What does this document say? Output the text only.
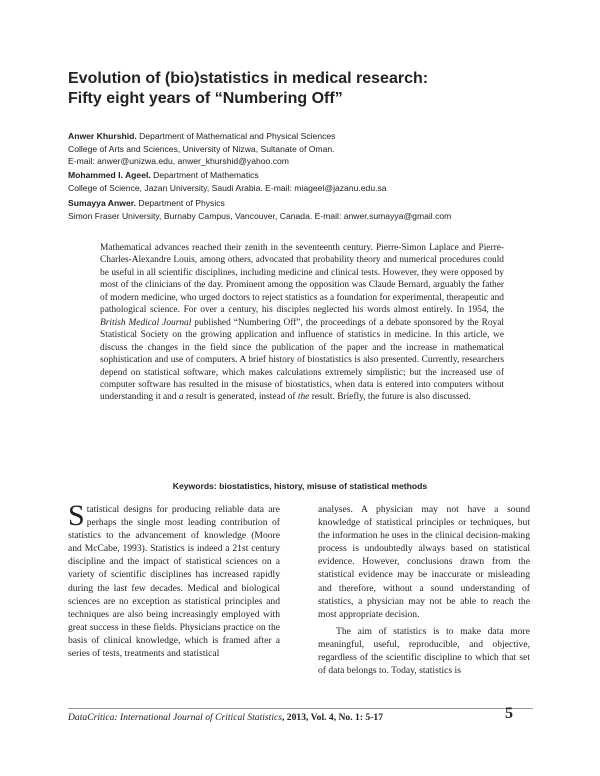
Evolution of (bio)statistics in medical research:
Fifty eight years of “Numbering Off”
Anwer Khurshid. Department of Mathematical and Physical Sciences
College of Arts and Sciences, University of Nizwa, Sultanate of Oman.
E-mail: anwer@unizwa.edu, anwer_khurshid@yahoo.com
Mohammed I. Ageel. Department of Mathematics
College of Science, Jazan University, Saudi Arabia. E-mail: miageel@jazanu.edu.sa
Sumayya Anwer. Department of Physics
Simon Fraser University, Burnaby Campus, Vancouver, Canada. E-mail: anwer.sumayya@gmail.com
Mathematical advances reached their zenith in the seventeenth century. Pierre-Simon Laplace and Pierre-Charles-Alexandre Louis, among others, advocated that probability theory and numerical procedures could be useful in all scientific disciplines, including medicine and clinical tests. However, they were opposed by most of the clinicians of the day. Prominent among the opposition was Claude Bernard, arguably the father of modern medicine, who urged doctors to reject statistics as a foundation for experimental, therapeutic and pathological science. For over a century, his disciples neglected his words almost entirely. In 1954, the British Medical Journal published “Numbering Off”, the proceedings of a debate sponsored by the Royal Statistical Society on the growing application and influence of statistics in medicine. In this article, we discuss the changes in the field since the publication of the paper and the increase in mathematical sophistication and use of computers. A brief history of biostatistics is also presented. Currently, researchers depend on statistical software, which makes calculations extremely simplistic; but the increased use of computer software has resulted in the misuse of biostatistics, when data is entered into computers without understanding it and a result is generated, instead of the result. Briefly, the future is also discussed.
Keywords: biostatistics, history, misuse of statistical methods

Statistical designs for producing reliable data are perhaps the single most leading contribution of statistics to the advancement of knowledge (Moore and McCabe, 1993). Statistics is indeed a 21st century discipline and the impact of statistical sciences on a variety of scientific disciplines has increased rapidly during the last few decades. Medical and biological sciences are no exception as statistical principles and techniques are also being increasingly employed with great success in these fields. Physicians practice on the basis of clinical knowledge, which is framed after a series of tests, treatments and statistical

analyses. A physician may not have a sound knowledge of statistical principles or techniques, but the information he uses in the clinical decision-making process is undoubtedly always based on statistical evidence. However, conclusions drawn from the statistical evidence may be inaccurate or misleading and therefore, without a sound understanding of statistics, a physician may not be able to reach the most appropriate decision.

The aim of statistics is to make data more meaningful, useful, reproducible, and objective, regardless of the scientific discipline to which that set of data belongs to. Today, statistics is

DataCritica: International Journal of Critical Statistics, 2013, Vol. 4, No. 1: 5-17	5
